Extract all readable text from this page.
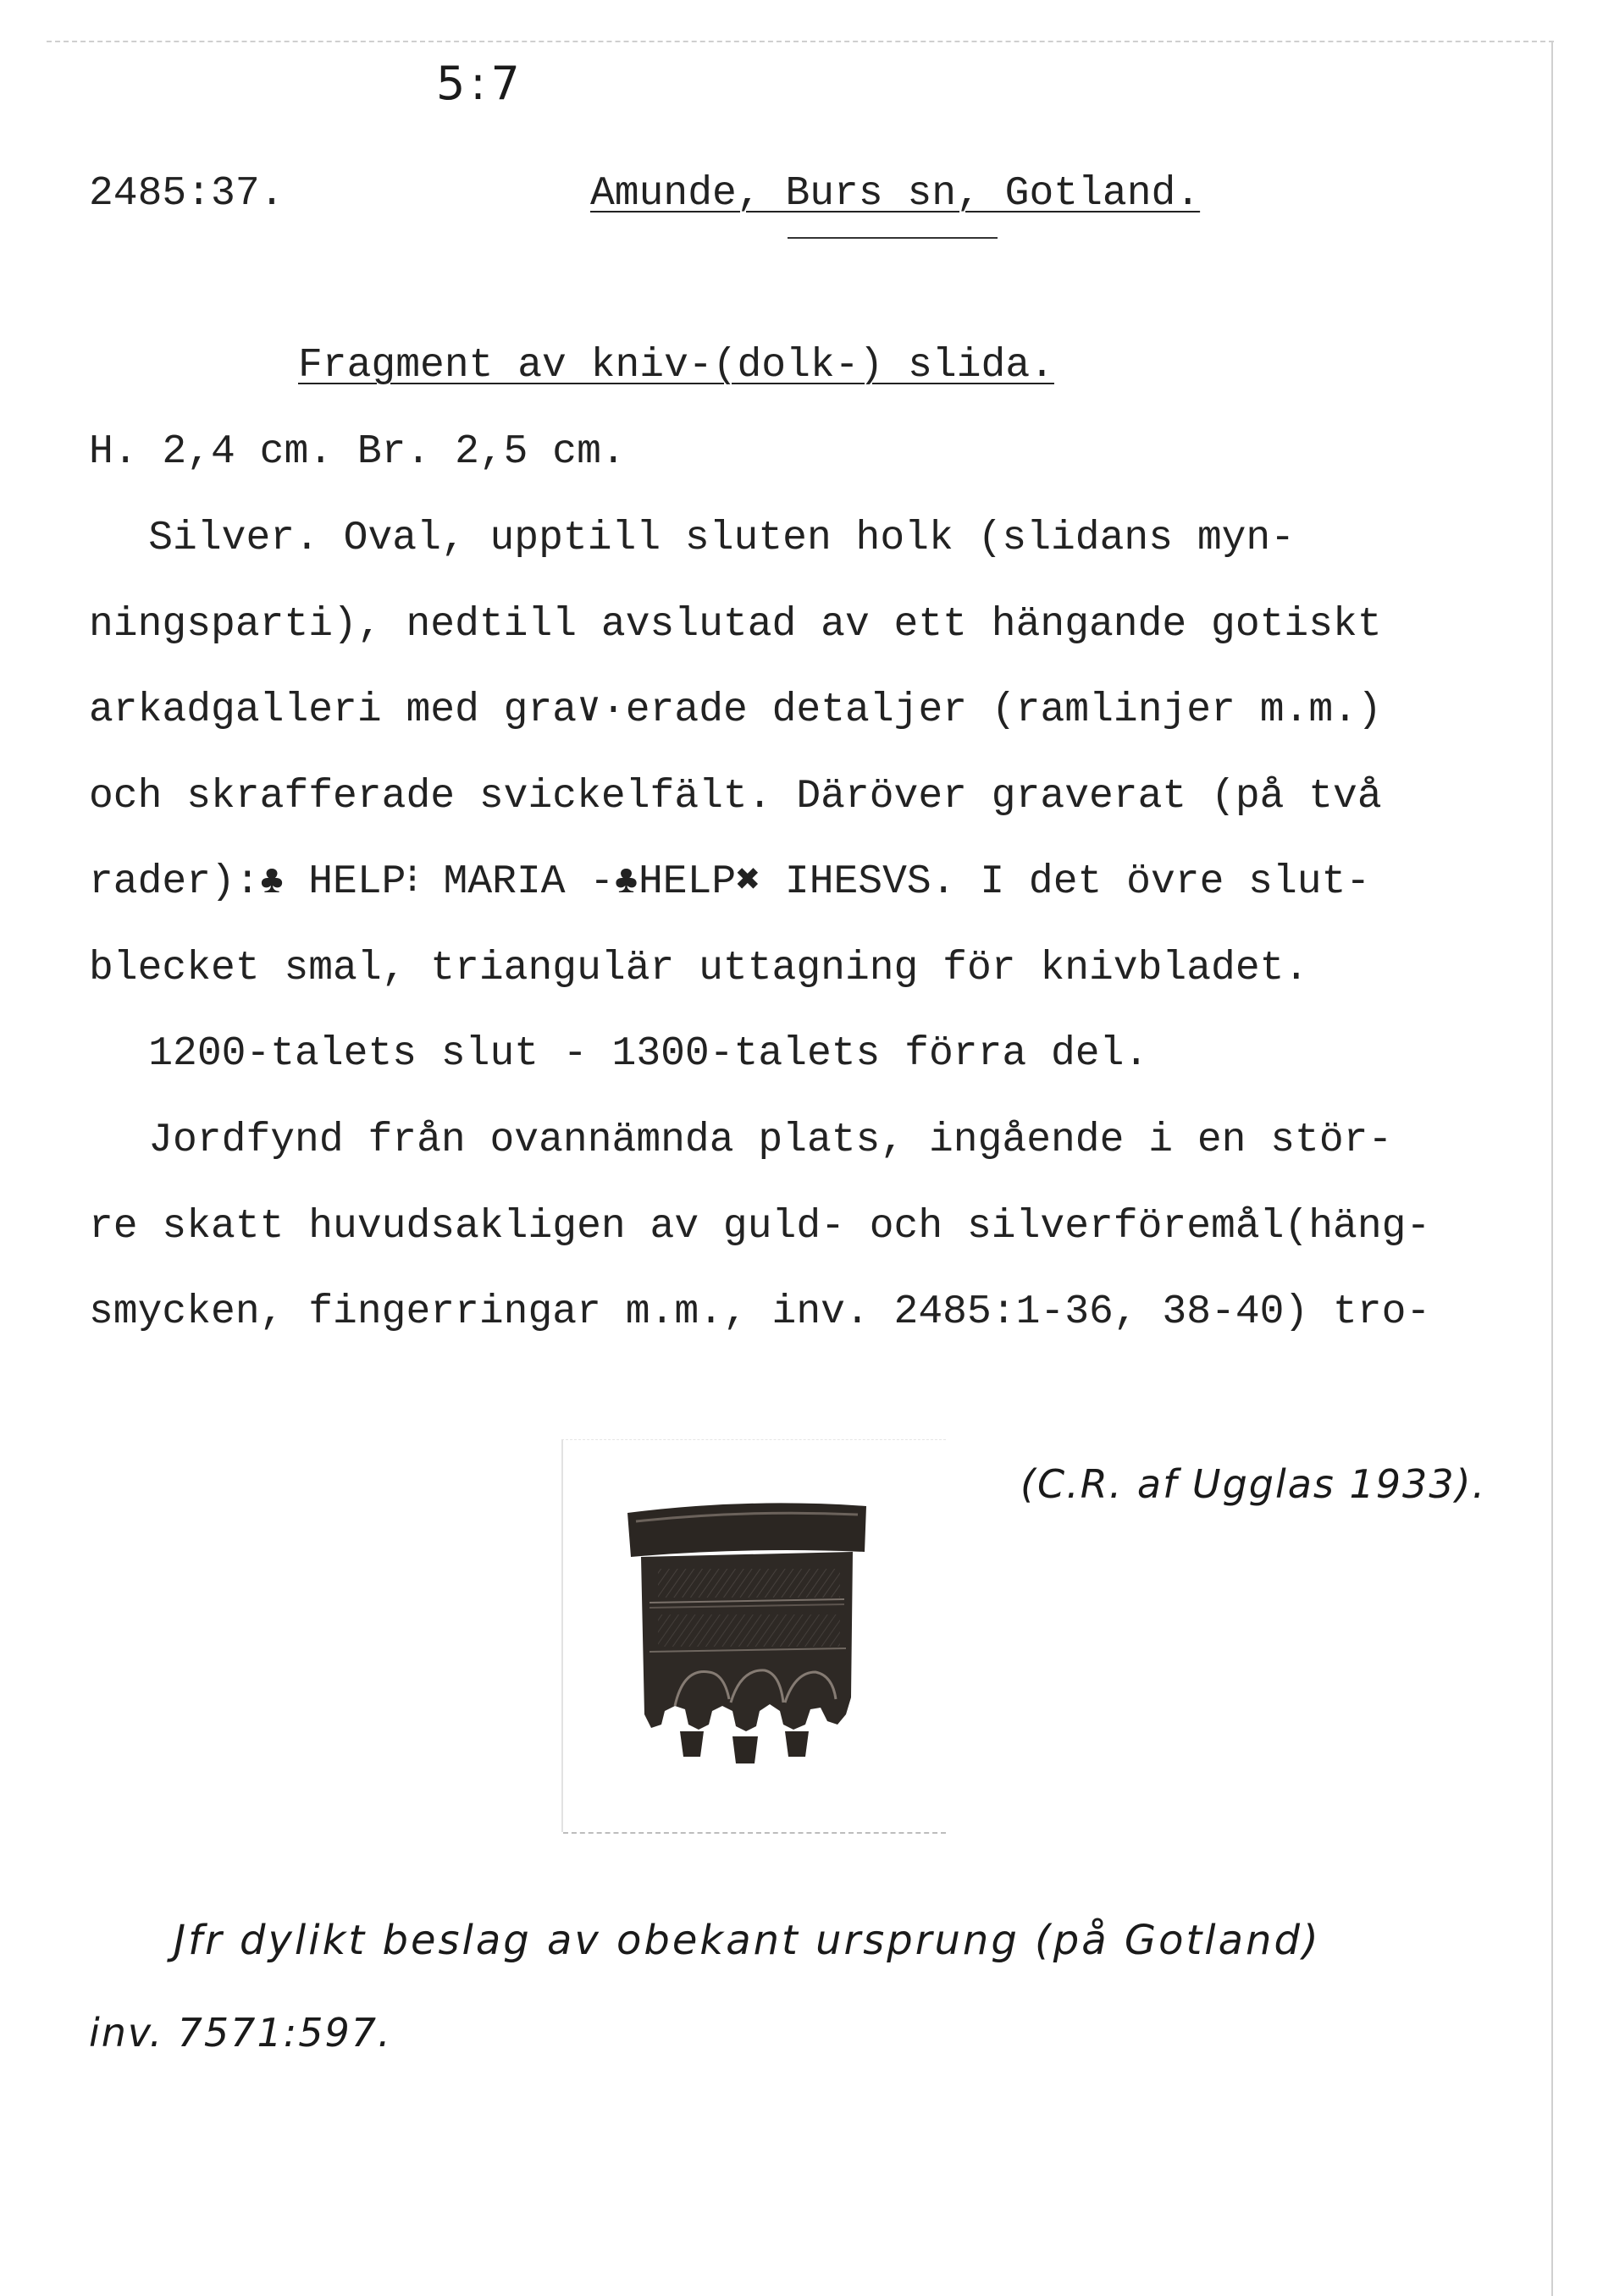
5:7
2485:37.	Amunde, Burs sn, Gotland.
Fragment av kniv-(dolk-) slida.
H. 2,4 cm. Br. 2,5 cm.
Silver. Oval, upptill sluten holk (slidans myn-
ningsparti), nedtill avslutad av ett hängande gotiskt
arkadgalleri med gra∨·erade detaljer (ramlinjer m.m.)
och skrafferade svickelfält. Däröver graverat (på två
rader):♣ HELP⁝ MARIA -♣HELP✖ IHESVS. I det övre slut-
blecket smal, triangulär uttagning för knivbladet.
1200-talets slut - 1300-talets förra del.
Jordfynd från ovannämnda plats, ingående i en stör-
re skatt huvudsakligen av guld- och silverföremål(häng-
smycken, fingerringar m.m., inv. 2485:1-36, 38-40) tro-
(C.R. af Ugglas 1933).
Jfr dylikt beslag av obekant ursprung (på Gotland)
inv. 7571:597.
